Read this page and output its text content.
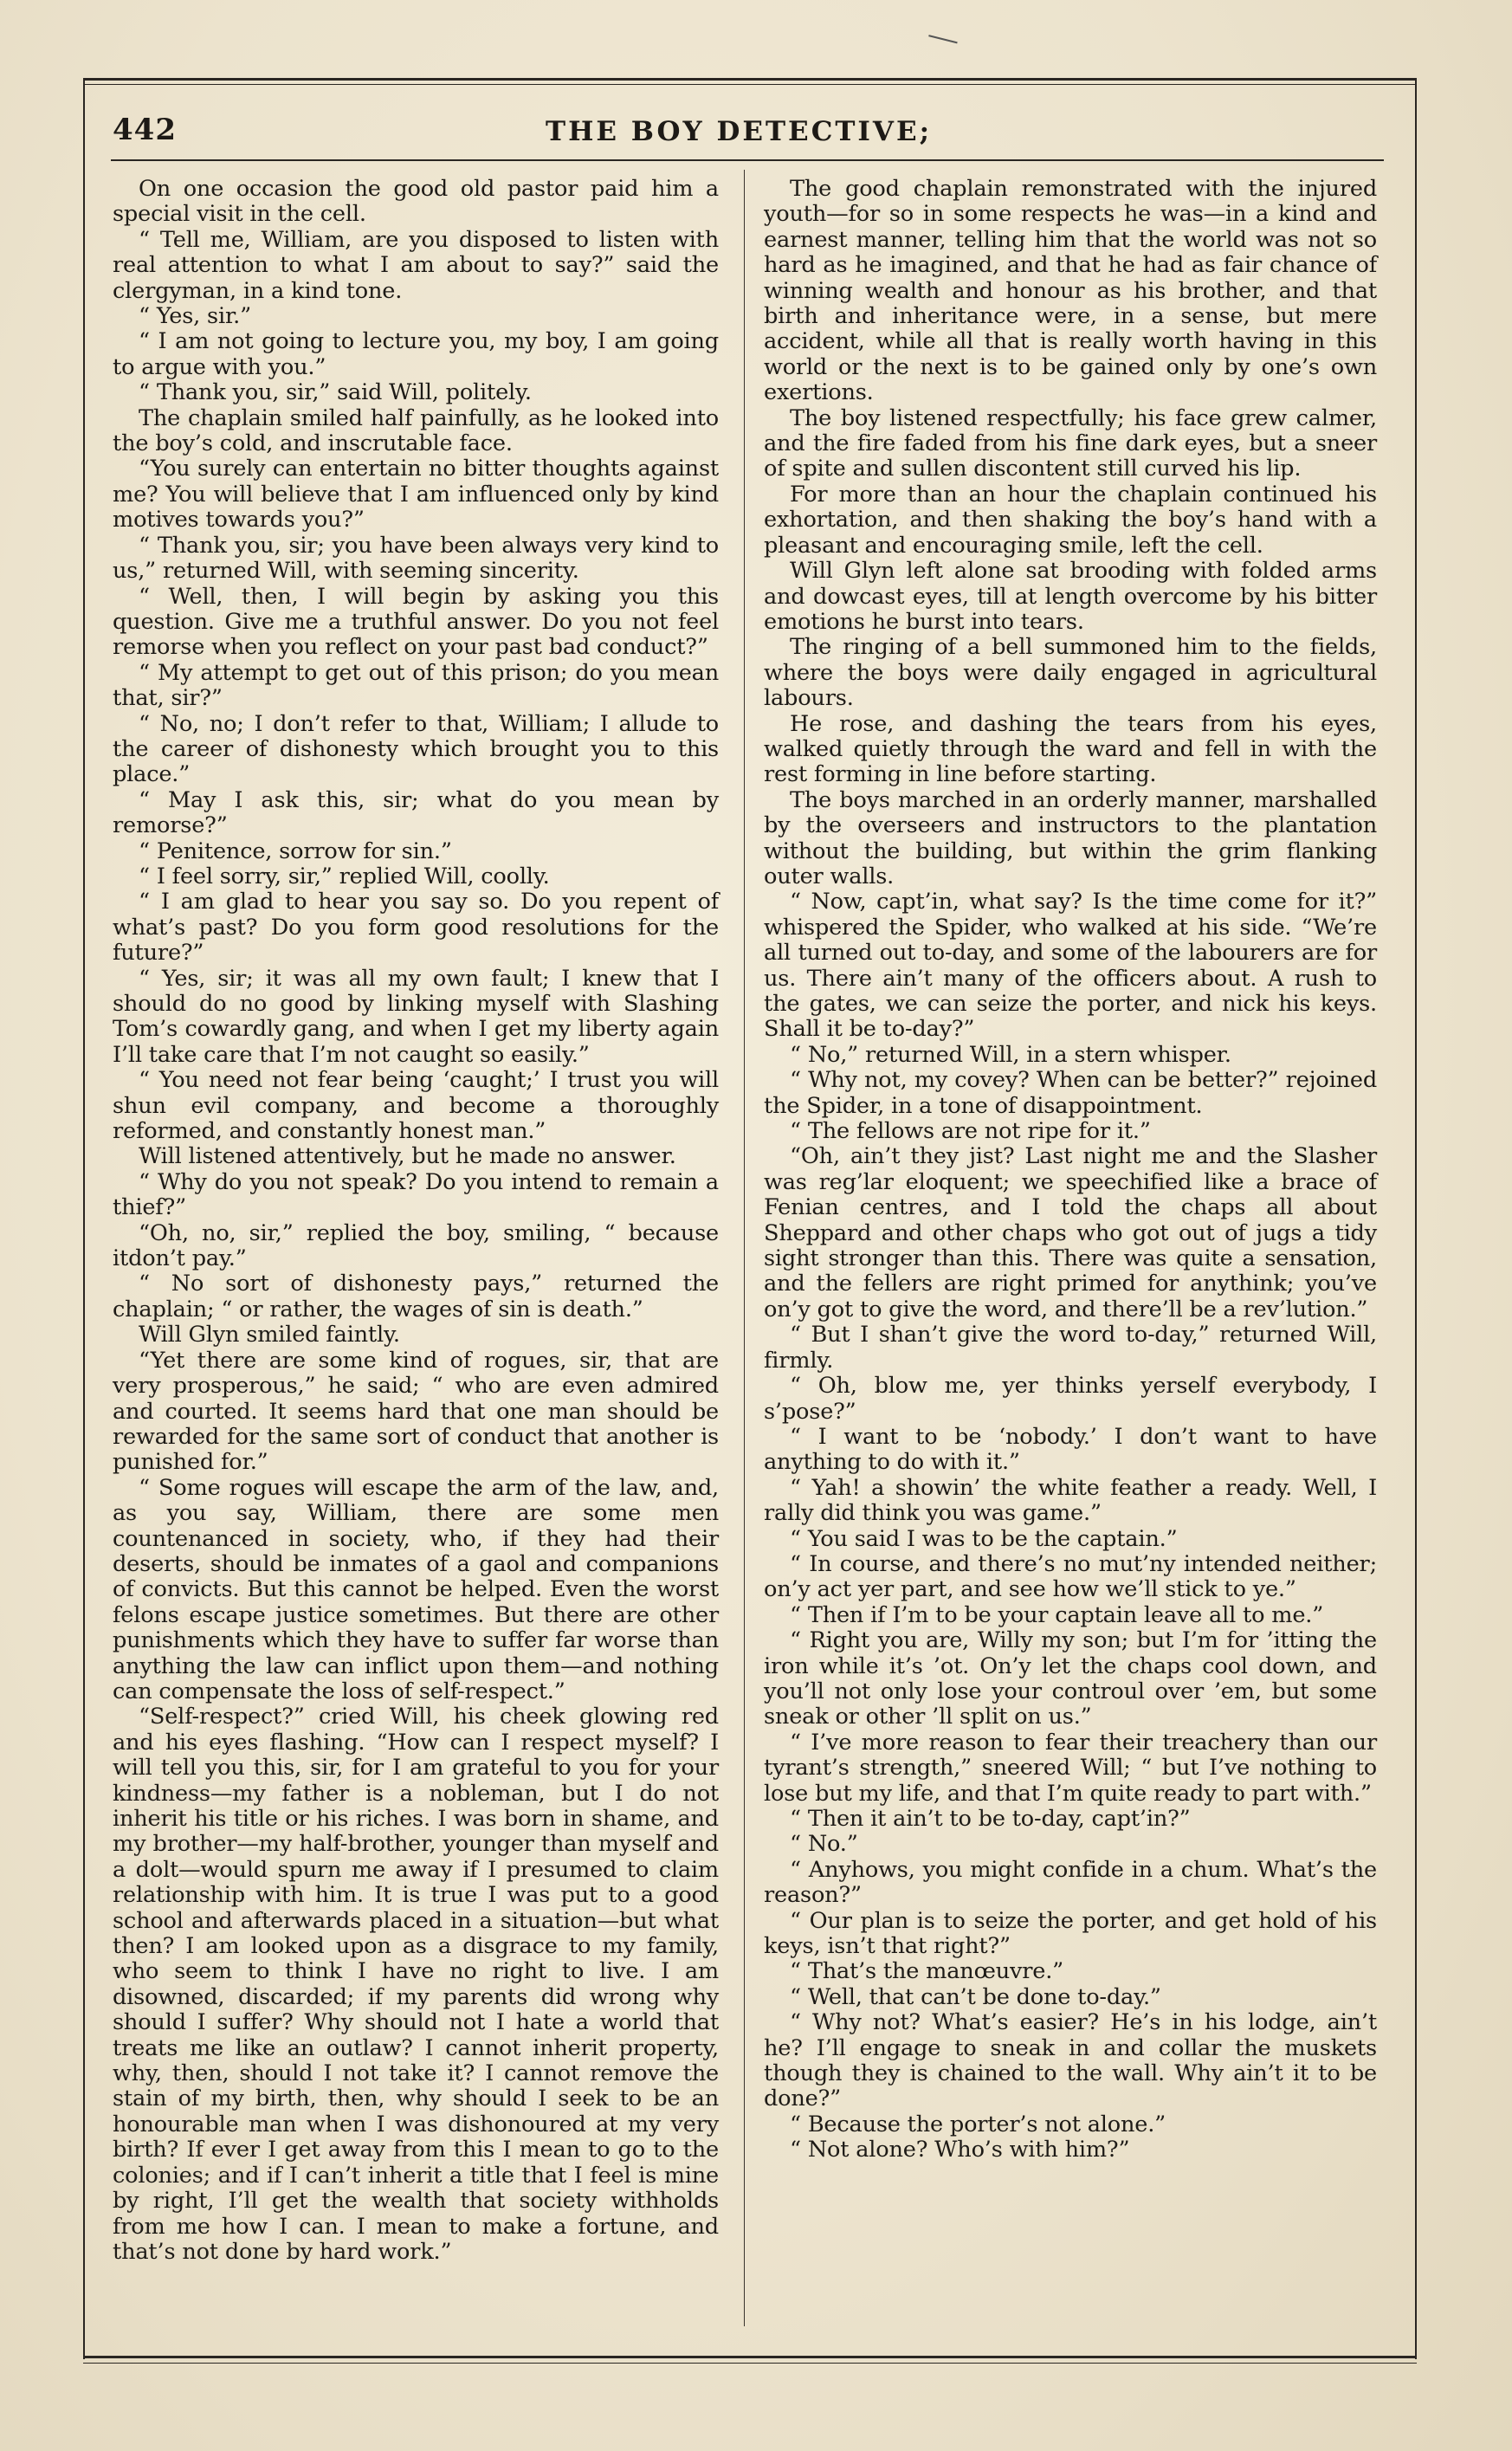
442	THE BOY DETECTIVE;

On one occasion the good old pastor paid him a special visit in the cell.

“ Tell me, William, are you disposed to listen with real attention to what I am about to say?” said the clergyman, in a kind tone.

“ Yes, sir.”

“ I am not going to lecture you, my boy, I am going to argue with you.”

“ Thank you, sir,” said Will, politely.

The chaplain smiled half painfully, as he looked into the boy’s cold, and inscrutable face.

“You surely can entertain no bitter thoughts against me? You will believe that I am influenced only by kind motives towards you?”

“ Thank you, sir; you have been always very kind to us,” returned Will, with seeming sincerity.

“ Well, then, I will begin by asking you this question. Give me a truthful answer. Do you not feel remorse when you reflect on your past bad conduct?”

“ My attempt to get out of this prison; do you mean that, sir?”

“ No, no; I don’t refer to that, William; I allude to the career of dishonesty which brought you to this place.”

“ May I ask this, sir; what do you mean by remorse?”

“ Penitence, sorrow for sin.”

“ I feel sorry, sir,” replied Will, coolly.

“ I am glad to hear you say so. Do you repent of what’s past? Do you form good resolutions for the future?”

“ Yes, sir; it was all my own fault; I knew that I should do no good by linking myself with Slashing Tom’s cowardly gang, and when I get my liberty again I’ll take care that I’m not caught so easily.”

“ You need not fear being ‘caught;’ I trust you will shun evil company, and become a thoroughly reformed, and constantly honest man.”

Will listened attentively, but he made no answer.

“ Why do you not speak? Do you intend to remain a thief?”

“Oh, no, sir,” replied the boy, smiling, “ because itdon’t pay.”

“ No sort of dishonesty pays,” returned the chaplain; “ or rather, the wages of sin is death.”

Will Glyn smiled faintly.

“Yet there are some kind of rogues, sir, that are very prosperous,” he said; “ who are even admired and courted. It seems hard that one man should be rewarded for the same sort of conduct that another is punished for.”

“ Some rogues will escape the arm of the law, and, as you say, William, there are some men countenanced in society, who, if they had their deserts, should be inmates of a gaol and companions of convicts. But this cannot be helped. Even the worst felons escape justice sometimes. But there are other punishments which they have to suffer far worse than anything the law can inflict upon them—and nothing can compensate the loss of self-respect.”

“Self-respect?” cried Will, his cheek glowing red and his eyes flashing. “How can I respect myself? I will tell you this, sir, for I am grateful to you for your kindness—my father is a nobleman, but I do not inherit his title or his riches. I was born in shame, and my brother—my half-brother, younger than myself and a dolt—would spurn me away if I presumed to claim relationship with him. It is true I was put to a good school and afterwards placed in a situation—but what then? I am looked upon as a disgrace to my family, who seem to think I have no right to live. I am disowned, discarded; if my parents did wrong why should I suffer? Why should not I hate a world that treats me like an outlaw? I cannot inherit property, why, then, should I not take it? I cannot remove the stain of my birth, then, why should I seek to be an honourable man when I was dishonoured at my very birth? If ever I get away from this I mean to go to the colonies; and if I can’t inherit a title that I feel is mine by right, I’ll get the wealth that society withholds from me how I can. I mean to make a fortune, and that’s not done by hard work.”

The good chaplain remonstrated with the injured youth—for so in some respects he was—in a kind and earnest manner, telling him that the world was not so hard as he imagined, and that he had as fair chance of winning wealth and honour as his brother, and that birth and inheritance were, in a sense, but mere accident, while all that is really worth having in this world or the next is to be gained only by one’s own exertions.

The boy listened respectfully; his face grew calmer, and the fire faded from his fine dark eyes, but a sneer of spite and sullen discontent still curved his lip.

For more than an hour the chaplain continued his exhortation, and then shaking the boy’s hand with a pleasant and encouraging smile, left the cell.

Will Glyn left alone sat brooding with folded arms and dowcast eyes, till at length overcome by his bitter emotions he burst into tears.

The ringing of a bell summoned him to the fields, where the boys were daily engaged in agricultural labours.

He rose, and dashing the tears from his eyes, walked quietly through the ward and fell in with the rest forming in line before starting.

The boys marched in an orderly manner, marshalled by the overseers and instructors to the plantation without the building, but within the grim flanking outer walls.

“ Now, capt’in, what say? Is the time come for it?” whispered the Spider, who walked at his side. “We’re all turned out to-day, and some of the labourers are for us. There ain’t many of the officers about. A rush to the gates, we can seize the porter, and nick his keys. Shall it be to-day?”

“ No,” returned Will, in a stern whisper.

“ Why not, my covey? When can be better?” rejoined the Spider, in a tone of disappointment.

“ The fellows are not ripe for it.”

“Oh, ain’t they jist? Last night me and the Slasher was reg’lar eloquent; we speechified like a brace of Fenian centres, and I told the chaps all about Sheppard and other chaps who got out of jugs a tidy sight stronger than this. There was quite a sensation, and the fellers are right primed for anythink; you’ve on’y got to give the word, and there’ll be a rev’lution.”

“ But I shan’t give the word to-day,” returned Will, firmly.

“ Oh, blow me, yer thinks yerself everybody, I s’pose?”

“ I want to be ‘nobody.’ I don’t want to have anything to do with it.”

“ Yah! a showin’ the white feather a ready. Well, I rally did think you was game.”

“ You said I was to be the captain.”

“ In course, and there’s no mut’ny intended neither; on’y act yer part, and see how we’ll stick to ye.”

“ Then if I’m to be your captain leave all to me.”

“ Right you are, Willy my son; but I’m for ’itting the iron while it’s ’ot. On’y let the chaps cool down, and you’ll not only lose your controul over ’em, but some sneak or other ’ll split on us.”

“ I’ve more reason to fear their treachery than our tyrant’s strength,” sneered Will; “ but I’ve nothing to lose but my life, and that I’m quite ready to part with.”

“ Then it ain’t to be to-day, capt’in?”

“ No.”

“ Anyhows, you might confide in a chum. What’s the reason?”

“ Our plan is to seize the porter, and get hold of his keys, isn’t that right?”

“ That’s the manœuvre.”

“ Well, that can’t be done to-day.”

“ Why not? What’s easier? He’s in his lodge, ain’t he? I’ll engage to sneak in and collar the muskets though they is chained to the wall. Why ain’t it to be done?”

“ Because the porter’s not alone.”

“ Not alone? Who’s with him?”
